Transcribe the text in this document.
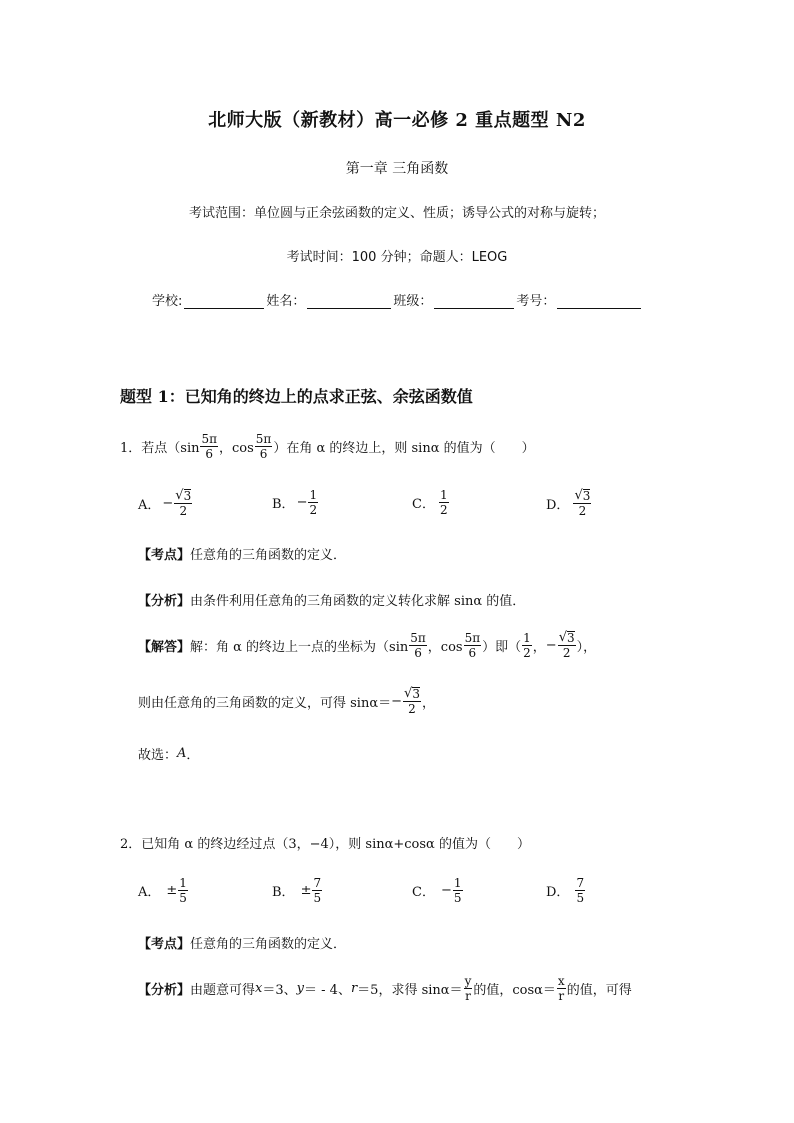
北师大版（新教材）高一必修 2 重点题型 N2
第一章 三角函数
考试范围：单位圆与正余弦函数的定义、性质；诱导公式的对称与旋转；
考试时间：100 分钟；命题人：LEOG
学校:	姓名：	班级：	考号：
题型 1：已知角的终边上的点求正弦、余弦函数值
1． 若点（$\sin \frac{5\pi}{6}$ ，$\cos \frac{5\pi}{6}$ ）在角 α 的终边上，则 sinα 的值为（　　）
A． − $\frac{√ 3}{2}$	B． − $\frac{1}{2}$	C． $\frac{1}{2}$	D． $\frac{√ 3}{2}$
【考点】 任意角的三角函数的定义．
【分析】 由条件利用任意角的三角函数的定义转化求解 sinα 的值．
【解答】 解：角 α 的终边上一点的坐标为（$\sin \frac{5\pi}{6}$ ，$\cos \frac{5\pi}{6}$ ）即（ $\frac{1}{2}$ ， − $\frac{√ 3}{2}$ ），
则由任意角的三角函数的定义，可得 $\sin\alpha= - \frac{√ 3}{2}$ ，
故选： A ．
2． 已知角 α 的终边经过点（3，−4），则 sinα+cosα 的值为（　　）
A． ± $\frac{1}{5}$	B． ± $\frac{7}{5}$	C． − $\frac{1}{5}$	D． $\frac{7}{5}$
【考点】 任意角的三角函数的定义．
【分析】 由题意可得 x ＝3、 y ＝ - 4、 r ＝5，求得 $\sin\alpha= \frac{y}{r}$ 的值，$\cos\alpha= \frac{x}{r}$ 的值，可得
